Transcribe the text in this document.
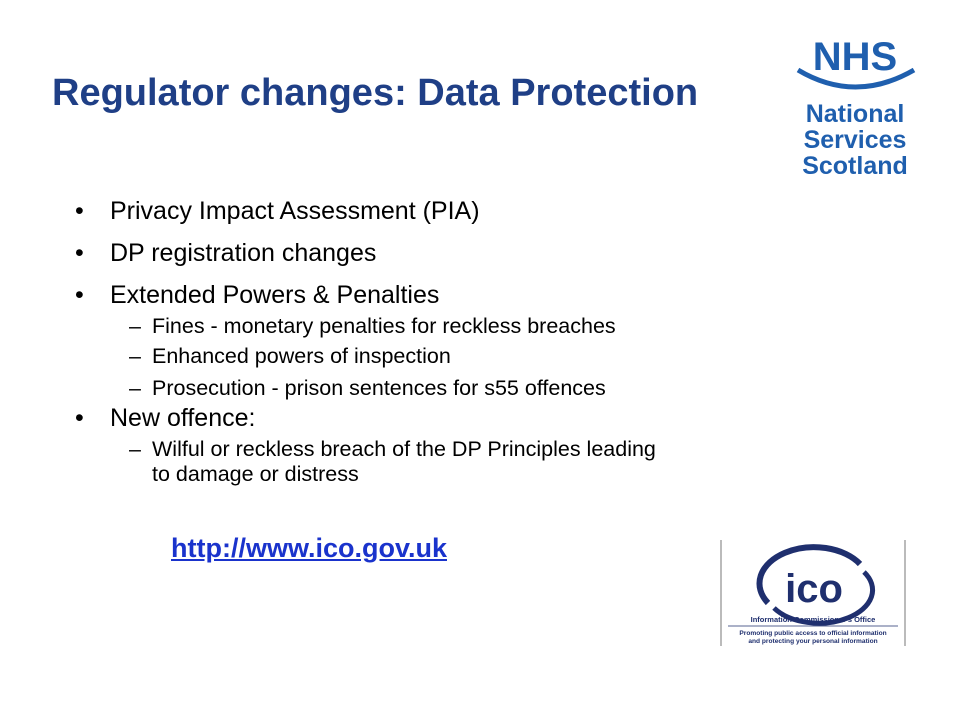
Regulator changes: Data Protection
NHS
National
Services
Scotland
• Privacy Impact Assessment (PIA)
• DP registration changes
• Extended Powers & Penalties
– Fines - monetary penalties for reckless breaches
– Enhanced powers of inspection
– Prosecution - prison sentences for s55 offences
• New offence:
– Wilful or reckless breach of the DP Principles leading
to damage or distress
http://www.ico.gov.uk
ico
Information Commissioner's Office
Promoting public access to official information
and protecting your personal information
